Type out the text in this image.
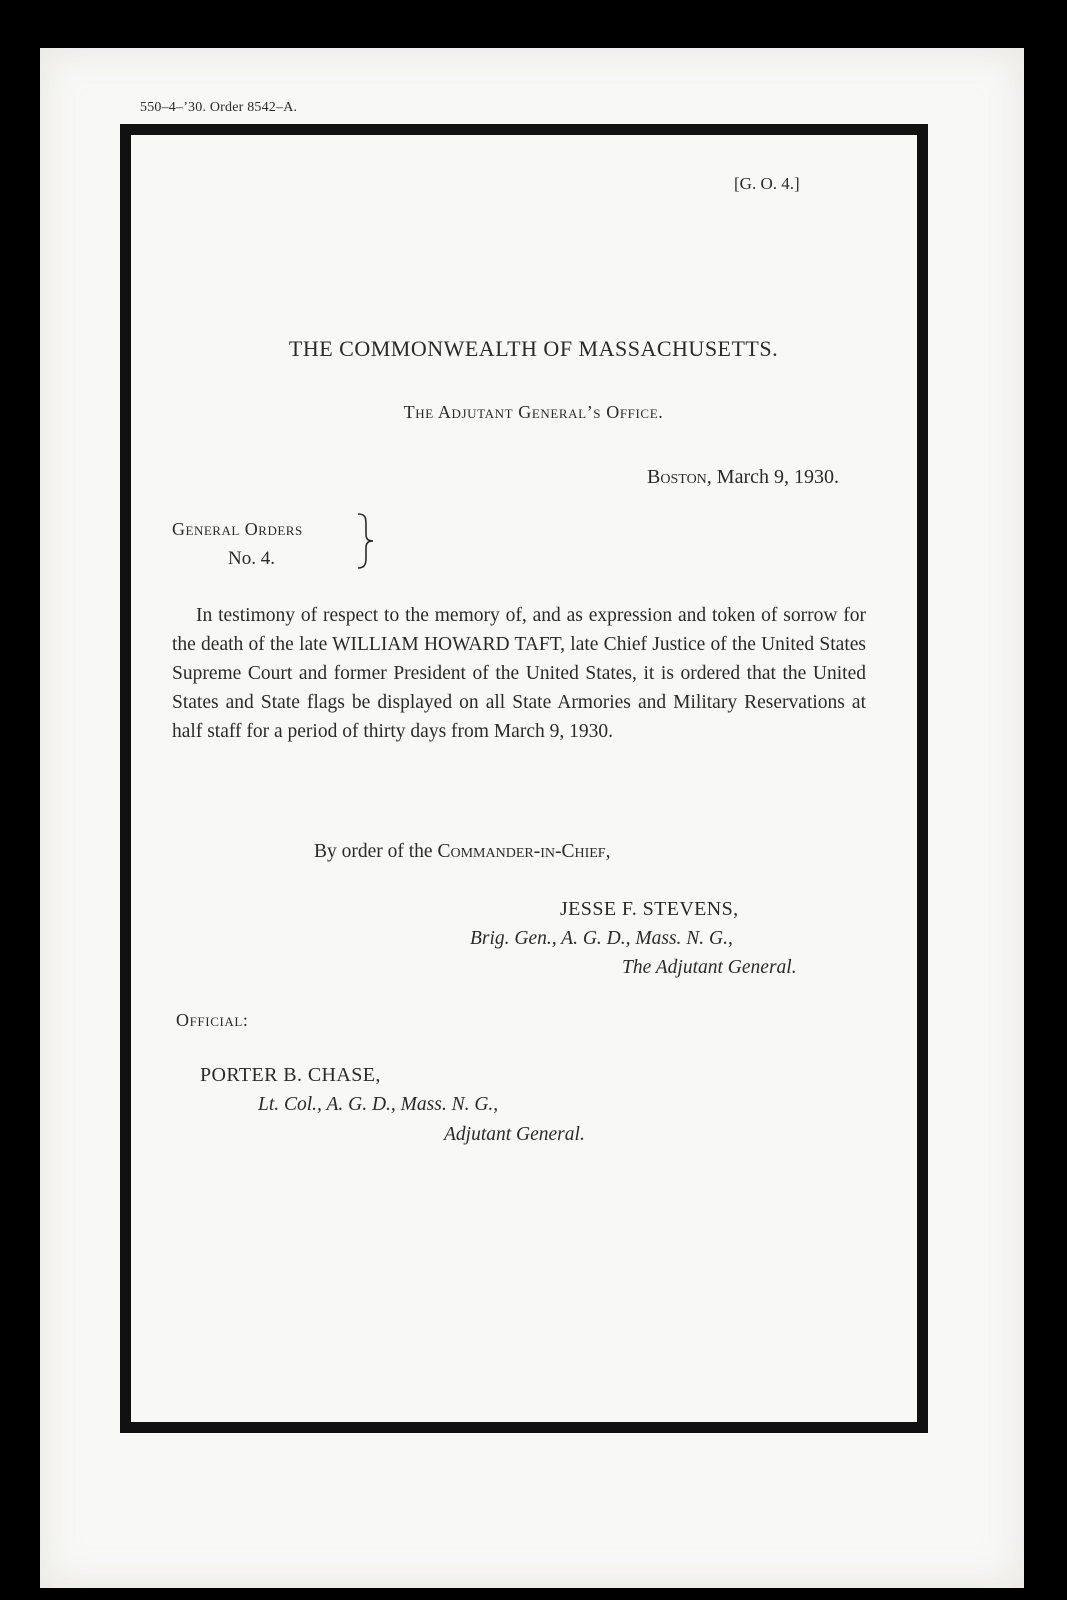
550–4–’30. Order 8542–A.
[G. O. 4.]
THE COMMONWEALTH OF MASSACHUSETTS.
The Adjutant General’s Office.
Boston, March 9, 1930.
General Orders
No. 4.

In testimony of respect to the memory of, and as expression and token of sorrow for the death of the late WILLIAM HOWARD TAFT, late Chief Justice of the United States Supreme Court and former President of the United States, it is ordered that the United States and State flags be displayed on all State Armories and Military Reservations at half staff for a period of thirty days from March 9, 1930.

By order of the Commander-in-Chief,
JESSE F. STEVENS,
Brig. Gen., A. G. D., Mass. N. G.,
The Adjutant General.
Official:
PORTER B. CHASE,
Lt. Col., A. G. D., Mass. N. G.,
Adjutant General.
